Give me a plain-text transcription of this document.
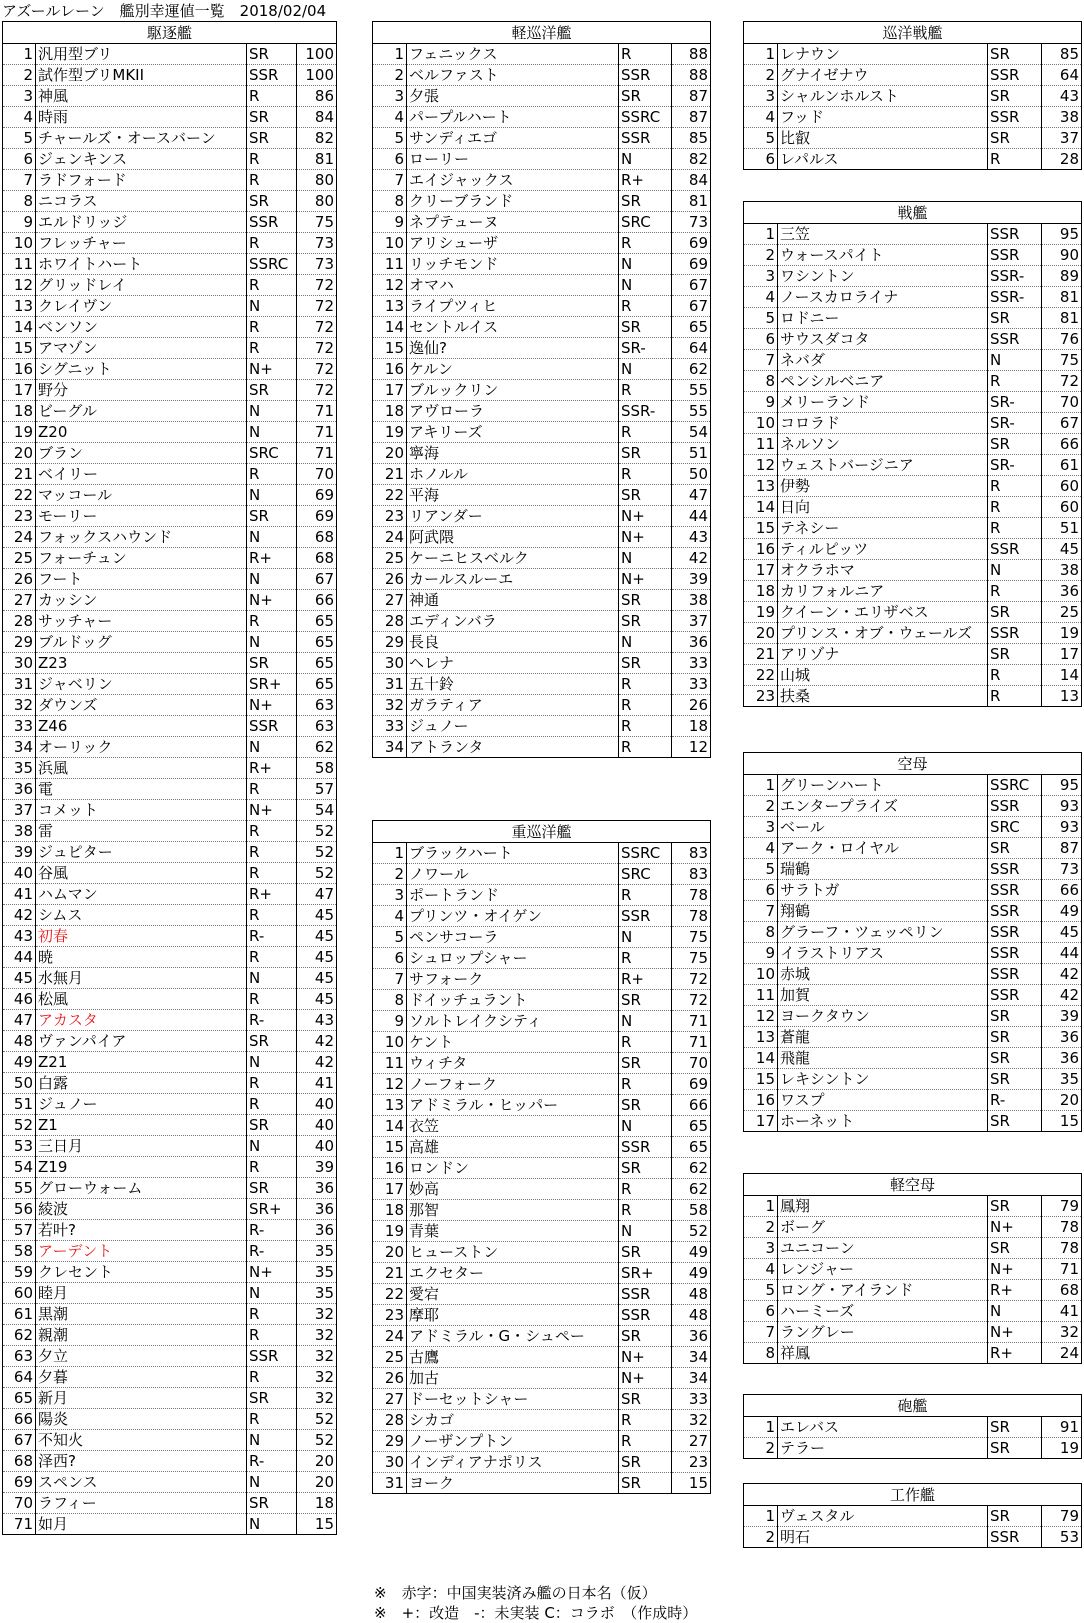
アズールレーン　艦別幸運値一覧　2018/02/04
駆逐艦			
1	汎用型ブリ	SR	100
2	試作型ブリMKII	SSR	100
3	神風	R	86
4	時雨	SR	84
5	チャールズ・オースバーン	SR	82
6	ジェンキンス	R	81
7	ラドフォード	R	80
8	ニコラス	SR	80
9	エルドリッジ	SSR	75
10	フレッチャー	R	73
11	ホワイトハート	SSRC	73
12	グリッドレイ	R	72
13	クレイヴン	N	72
14	ベンソン	R	72
15	アマゾン	R	72
16	シグニット	N+	72
17	野分	SR	72
18	ビーグル	N	71
19	Z20	N	71
20	ブラン	SRC	71
21	ベイリー	R	70
22	マッコール	N	69
23	モーリー	SR	69
24	フォックスハウンド	N	68
25	フォーチュン	R+	68
26	フート	N	67
27	カッシン	N+	66
28	サッチャー	R	65
29	ブルドッグ	N	65
30	Z23	SR	65
31	ジャベリン	SR+	65
32	ダウンズ	N+	63
33	Z46	SSR	63
34	オーリック	N	62
35	浜風	R+	58
36	電	R	57
37	コメット	N+	54
38	雷	R	52
39	ジュピター	R	52
40	谷風	R	52
41	ハムマン	R+	47
42	シムス	R	45
43	初春	R-	45
44	暁	R	45
45	水無月	N	45
46	松風	R	45
47	アカスタ	R-	43
48	ヴァンパイア	SR	42
49	Z21	N	42
50	白露	R	41
51	ジュノー	R	40
52	Z1	SR	40
53	三日月	N	40
54	Z19	R	39
55	グローウォーム	SR	36
56	綾波	SR+	36
57	若叶?	R-	36
58	アーデント	R-	35
59	クレセント	N+	35
60	睦月	N	35
61	黒潮	R	32
62	親潮	R	32
63	夕立	SSR	32
64	夕暮	R	32
65	新月	SR	32
66	陽炎	R	52
67	不知火	N	52
68	泽西?	R-	20
69	スペンス	N	20
70	ラフィー	SR	18
71	如月	N	15
軽巡洋艦			
1	フェニックス	R	88
2	ベルファスト	SSR	88
3	夕張	SR	87
4	パープルハート	SSRC	87
5	サンディエゴ	SSR	85
6	ローリー	N	82
7	エイジャックス	R+	84
8	クリーブランド	SR	81
9	ネプテューヌ	SRC	73
10	アリシューザ	R	69
11	リッチモンド	N	69
12	オマハ	N	67
13	ライプツィヒ	R	67
14	セントルイス	SR	65
15	逸仙?	SR-	64
16	ケルン	N	62
17	ブルックリン	R	55
18	アヴローラ	SSR-	55
19	アキリーズ	R	54
20	寧海	SR	51
21	ホノルル	R	50
22	平海	SR	47
23	リアンダー	N+	44
24	阿武隈	N+	43
25	ケーニヒスベルク	N	42
26	カールスルーエ	N+	39
27	神通	SR	38
28	エディンバラ	SR	37
29	長良	N	36
30	ヘレナ	SR	33
31	五十鈴	R	33
32	ガラティア	R	26
33	ジュノー	R	18
34	アトランタ	R	12
重巡洋艦			
1	ブラックハート	SSRC	83
2	ノワール	SRC	83
3	ポートランド	R	78
4	プリンツ・オイゲン	SSR	78
5	ペンサコーラ	N	75
6	シュロップシャー	R	75
7	サフォーク	R+	72
8	ドイッチュラント	SR	72
9	ソルトレイクシティ	N	71
10	ケント	R	71
11	ウィチタ	SR	70
12	ノーフォーク	R	69
13	アドミラル・ヒッパー	SR	66
14	衣笠	N	65
15	高雄	SSR	65
16	ロンドン	SR	62
17	妙高	R	62
18	那智	R	58
19	青葉	N	52
20	ヒューストン	SR	49
21	エクセター	SR+	49
22	愛宕	SSR	48
23	摩耶	SSR	48
24	アドミラル・G・シュペー	SR	36
25	古鷹	N+	34
26	加古	N+	34
27	ドーセットシャー	SR	33
28	シカゴ	R	32
29	ノーザンプトン	R	27
30	インディアナポリス	SR	23
31	ヨーク	SR	15
巡洋戦艦			
1	レナウン	SR	85
2	グナイゼナウ	SSR	64
3	シャルンホルスト	SR	43
4	フッド	SSR	38
5	比叡	SR	37
6	レパルス	R	28
戦艦			
1	三笠	SSR	95
2	ウォースパイト	SSR	90
3	ワシントン	SSR-	89
4	ノースカロライナ	SSR-	81
5	ロドニー	SR	81
6	サウスダコタ	SSR	76
7	ネバダ	N	75
8	ペンシルベニア	R	72
9	メリーランド	SR-	70
10	コロラド	SR-	67
11	ネルソン	SR	66
12	ウェストバージニア	SR-	61
13	伊勢	R	60
14	日向	R	60
15	テネシー	R	51
16	ティルピッツ	SSR	45
17	オクラホマ	N	38
18	カリフォルニア	R	36
19	クイーン・エリザベス	SR	25
20	プリンス・オブ・ウェールズ	SSR	19
21	アリゾナ	SR	17
22	山城	R	14
23	扶桑	R	13
空母			
1	グリーンハート	SSRC	95
2	エンタープライズ	SSR	93
3	ベール	SRC	93
4	アーク・ロイヤル	SR	87
5	瑞鶴	SSR	73
6	サラトガ	SSR	66
7	翔鶴	SSR	49
8	グラーフ・ツェッペリン	SSR	45
9	イラストリアス	SSR	44
10	赤城	SSR	42
11	加賀	SSR	42
12	ヨークタウン	SR	39
13	蒼龍	SR	36
14	飛龍	SR	36
15	レキシントン	SR	35
16	ワスプ	R-	20
17	ホーネット	SR	15
軽空母			
1	鳳翔	SR	79
2	ボーグ	N+	78
3	ユニコーン	SR	78
4	レンジャー	N+	71
5	ロング・アイランド	R+	68
6	ハーミーズ	N	41
7	ラングレー	N+	32
8	祥鳳	R+	24
砲艦			
1	エレバス	SR	91
2	テラー	SR	19
工作艦			
1	ヴェスタル	SR	79
2	明石	SSR	53
※　赤字：中国実装済み艦の日本名（仮）
※　+：改造　-：未実装 C：コラボ　（作成時）
